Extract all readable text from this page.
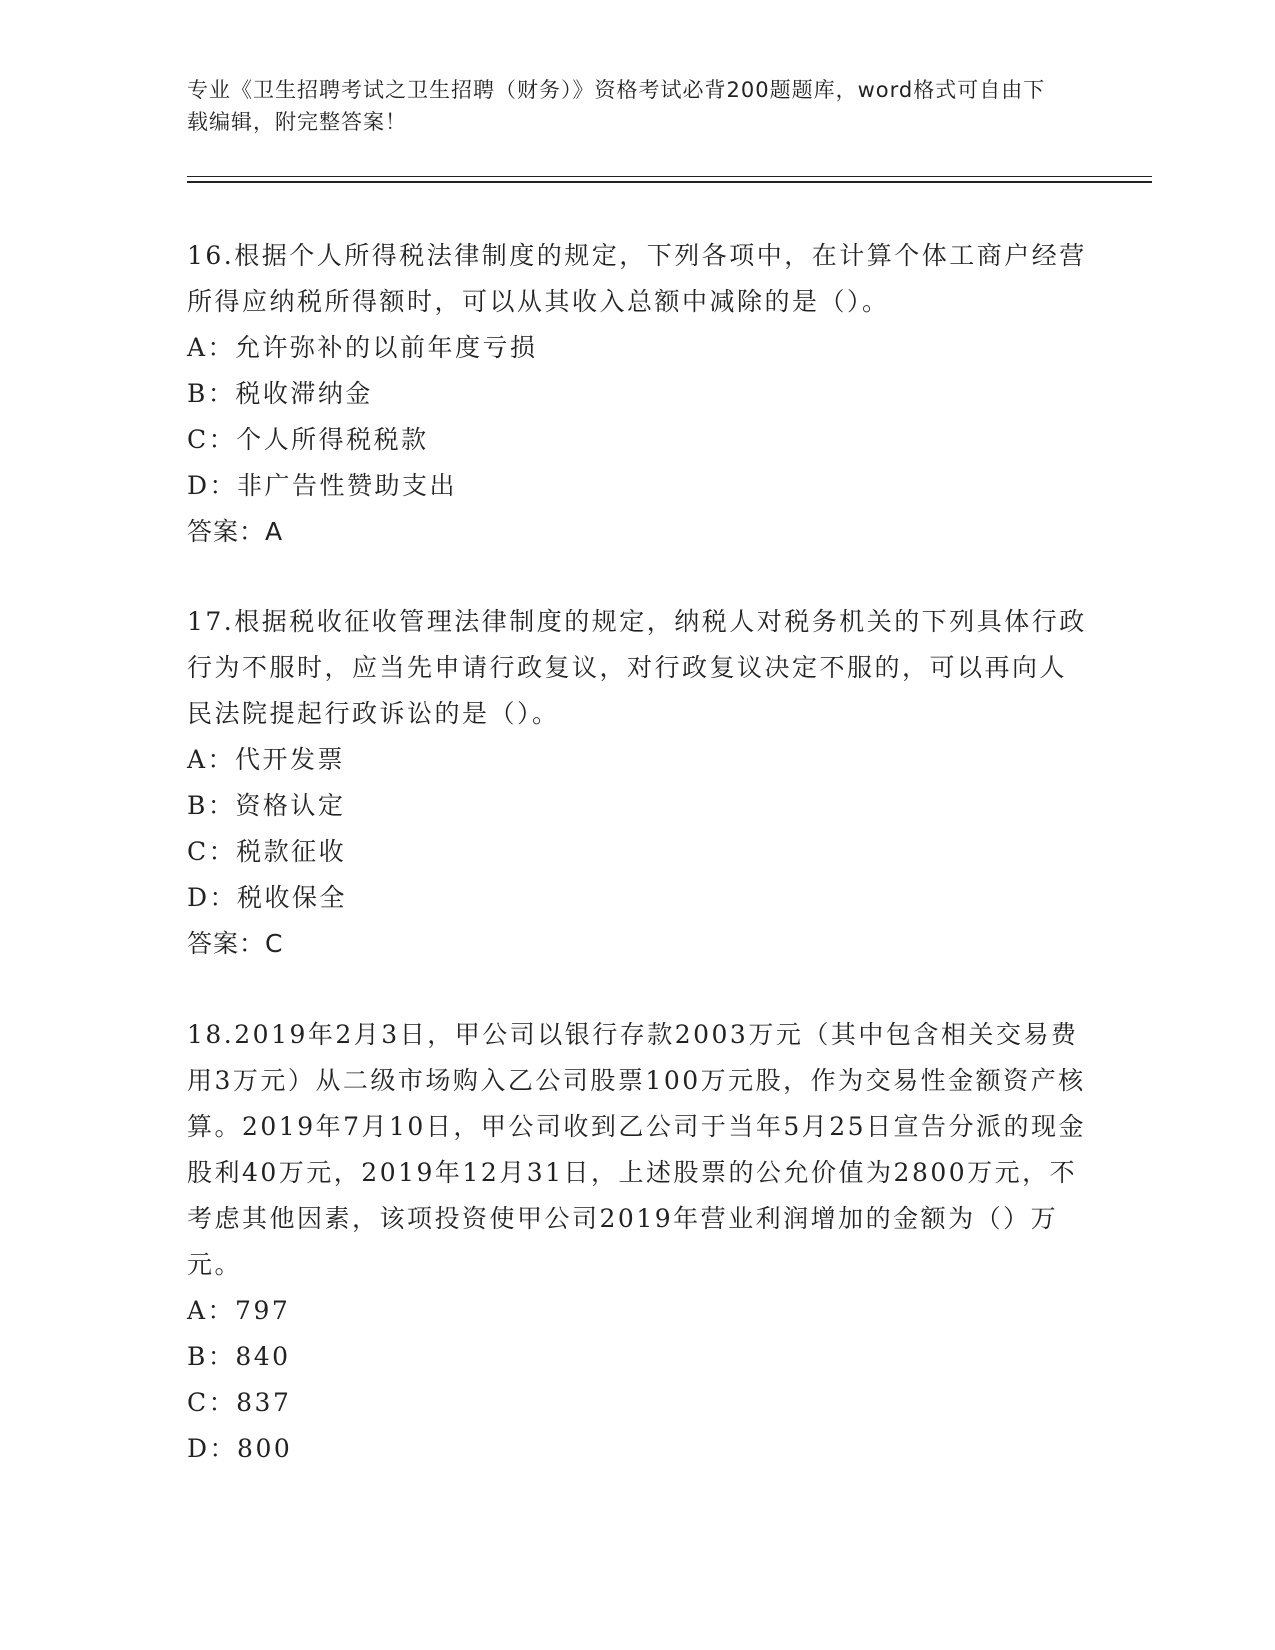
专业《卫生招聘考试之卫生招聘（财务）》资格考试必背200题题库，word格式可自由下载编辑，附完整答案！

16.根据个人所得税法律制度的规定，下列各项中，在计算个体工商户经营所得应纳税所得额时，可以从其收入总额中减除的是（）。

A：允许弥补的以前年度亏损

B：税收滞纳金

C：个人所得税税款

D：非广告性赞助支出

答案：A

17.根据税收征收管理法律制度的规定，纳税人对税务机关的下列具体行政行为不服时，应当先申请行政复议，对行政复议决定不服的，可以再向人民法院提起行政诉讼的是（）。

A：代开发票

B：资格认定

C：税款征收

D：税收保全

答案：C

18.2019年2月3日，甲公司以银行存款2003万元（其中包含相关交易费用3万元）从二级市场购入乙公司股票100万元股，作为交易性金额资产核算。2019年7月10日，甲公司收到乙公司于当年5月25日宣告分派的现金股利40万元，2019年12月31日，上述股票的公允价值为2800万元，不考虑其他因素，该项投资使甲公司2019年营业利润增加的金额为（）万元。

A：797

B：840

C：837

D：800
